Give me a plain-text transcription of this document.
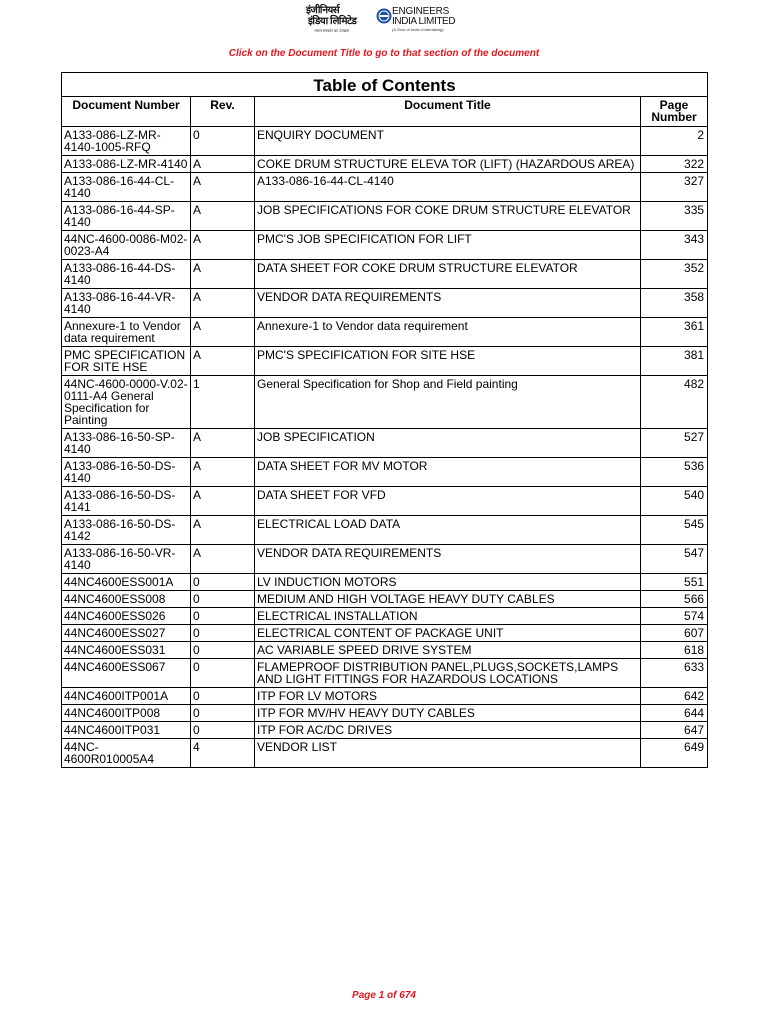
इंजीनियर्स
इंडिया लिमिटेड
भारत सरकार का उपक्रम
ENGINEERS
INDIA LIMITED
(A Govt of India Undertaking)
Click on the Document Title to go to that section of the document
Table of Contents			
Document Number	Rev.	Document Title	Page Number
A133-086-LZ-MR-4140-1005-RFQ	0	ENQUIRY DOCUMENT	2
A133-086-LZ-MR-4140	A	COKE DRUM STRUCTURE ELEVA TOR (LIFT) (HAZARDOUS AREA)	322
A133-086-16-44-CL-4140	A	A133-086-16-44-CL-4140	327
A133-086-16-44-SP-4140	A	JOB SPECIFICATIONS FOR COKE DRUM STRUCTURE ELEVATOR	335
44NC-4600-0086-M02-0023-A4	A	PMC'S JOB SPECIFICATION FOR LIFT	343
A133-086-16-44-DS-4140	A	DATA SHEET FOR COKE DRUM STRUCTURE ELEVATOR	352
A133-086-16-44-VR-4140	A	VENDOR DATA REQUIREMENTS	358
Annexure-1 to Vendor data requirement	A	Annexure-1 to Vendor data requirement	361
PMC SPECIFICATION FOR SITE HSE	A	PMC'S SPECIFICATION FOR SITE HSE	381
44NC-4600-0000-V.02-0111-A4 General Specification for Painting	1	General Specification for Shop and Field painting	482
A133-086-16-50-SP-4140	A	JOB SPECIFICATION	527
A133-086-16-50-DS-4140	A	DATA SHEET FOR MV MOTOR	536
A133-086-16-50-DS-4141	A	DATA SHEET FOR VFD	540
A133-086-16-50-DS-4142	A	ELECTRICAL LOAD DATA	545
A133-086-16-50-VR-4140	A	VENDOR DATA REQUIREMENTS	547
44NC4600ESS001A	0	LV INDUCTION MOTORS	551
44NC4600ESS008	0	MEDIUM AND HIGH VOLTAGE HEAVY DUTY CABLES	566
44NC4600ESS026	0	ELECTRICAL INSTALLATION	574
44NC4600ESS027	0	ELECTRICAL CONTENT OF PACKAGE UNIT	607
44NC4600ESS031	0	AC VARIABLE SPEED DRIVE SYSTEM	618
44NC4600ESS067	0	FLAMEPROOF DISTRIBUTION PANEL,PLUGS,SOCKETS,LAMPS AND LIGHT FITTINGS FOR HAZARDOUS LOCATIONS	633
44NC4600ITP001A	0	ITP FOR LV MOTORS	642
44NC4600ITP008	0	ITP FOR MV/HV HEAVY DUTY CABLES	644
44NC4600ITP031	0	ITP FOR AC/DC DRIVES	647
44NC-4600R010005A4	4	VENDOR LIST	649
Page 1 of 674
